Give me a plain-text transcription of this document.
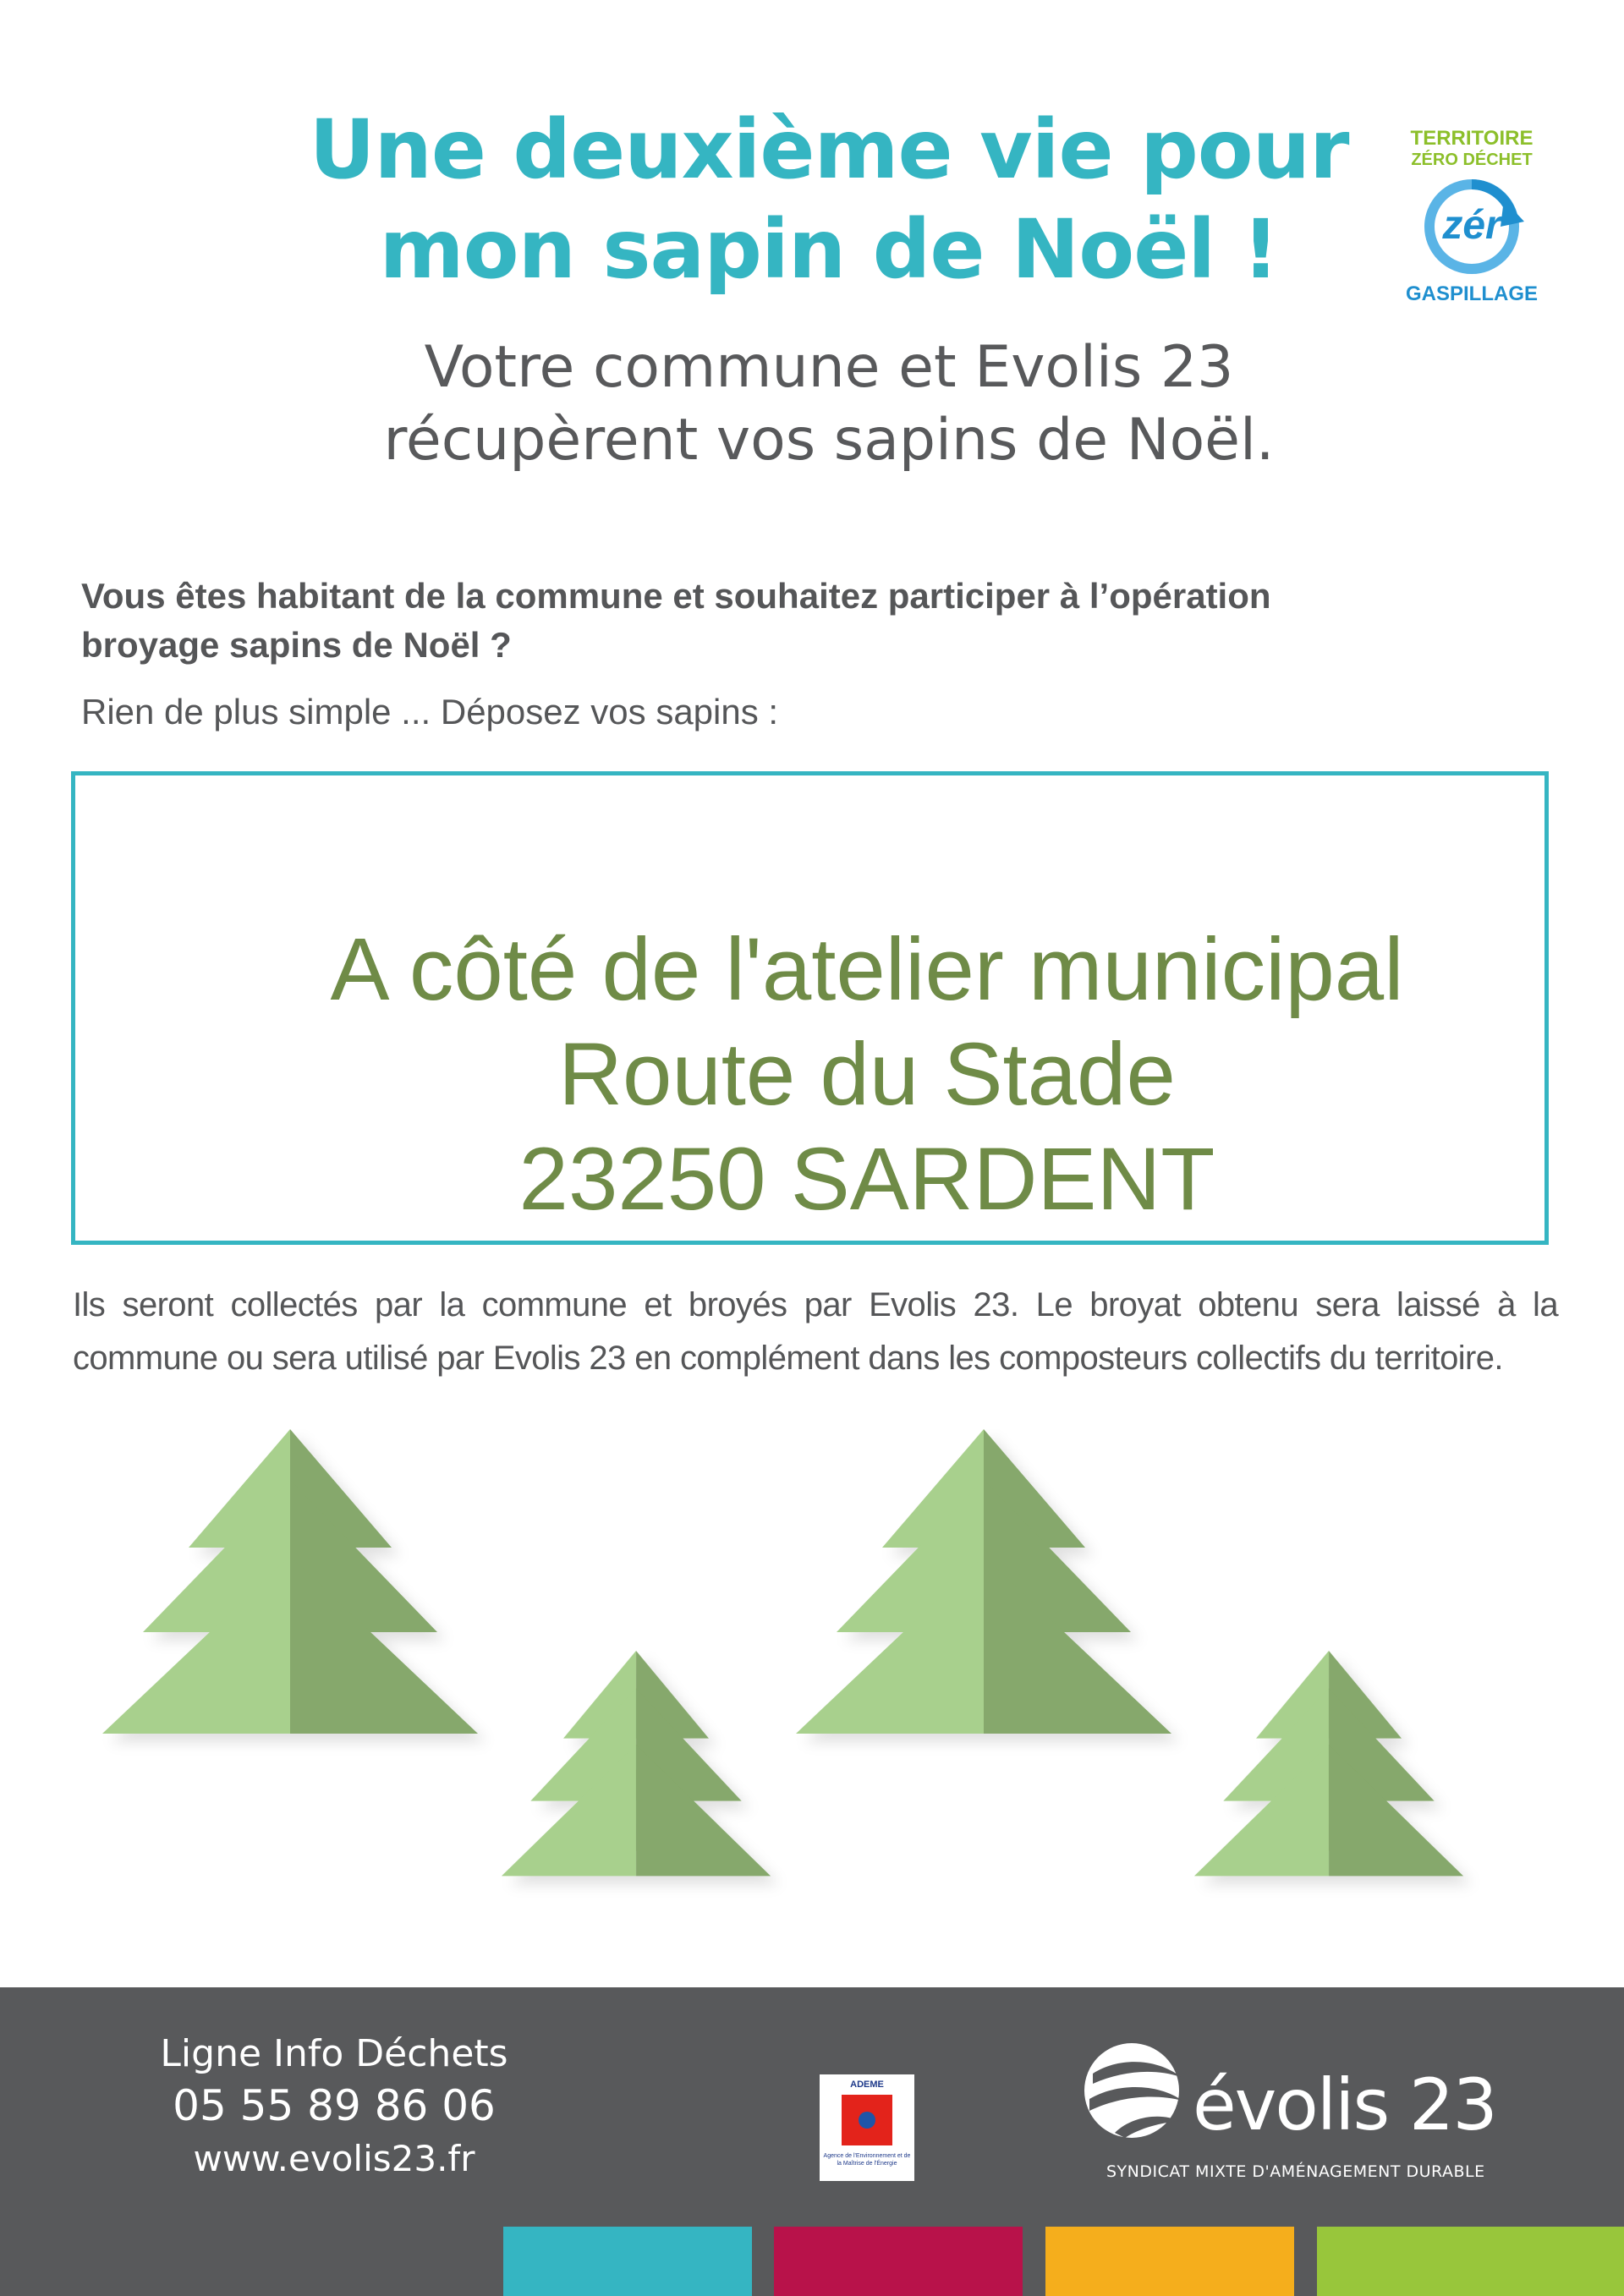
Une deuxième vie pour
mon sapin de Noël !
Votre commune et Evolis 23
récupèrent vos sapins de Noël.
TERRITOIRE
ZÉRO DÉCHET
zér
GASPILLAGE
Vous êtes habitant de la commune et souhaitez participer à l’opération
broyage sapins de Noël ?
Rien de plus simple ... Déposez vos sapins :
A côté de l'atelier municipal
Route du Stade
23250 SARDENT
Ils seront collectés par la commune et broyés par Evolis 23. Le broyat obtenu sera laissé à la commune ou sera utilisé par Evolis 23 en complément dans les composteurs collectifs du territoire.
Ligne Info Déchets
05 55 89 86 06
www.evolis23.fr
ADEME
Agence de l'Environnement et de la Maîtrise de l'Énergie
évolis 23
SYNDICAT MIXTE D'AMÉNAGEMENT DURABLE
